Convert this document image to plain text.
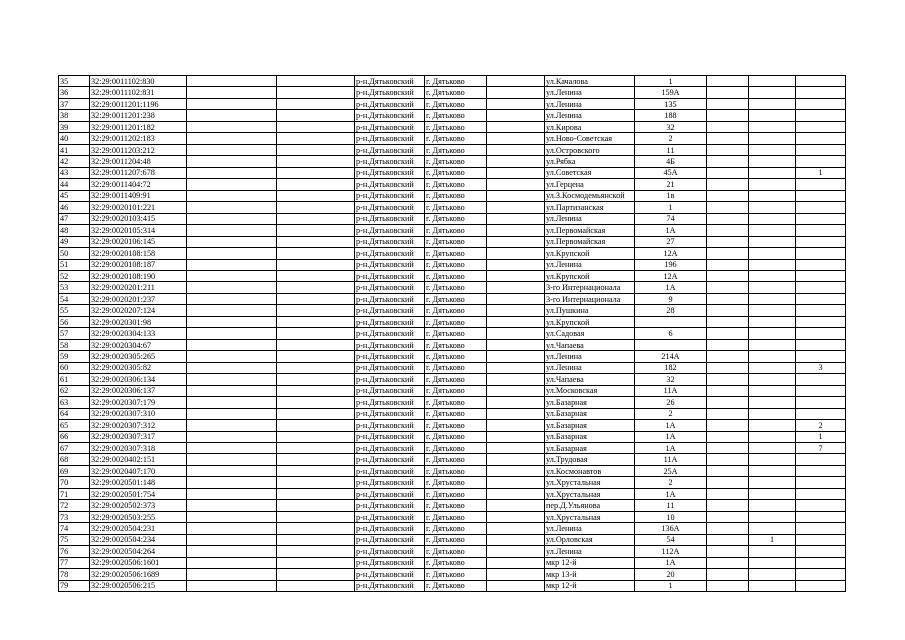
35	32:29:0011102:830			р-н.Дятьковский	г. Дятьково		ул.Качалова	1			
36	32:29:0011102:831			р-н.Дятьковский	г. Дятьково		ул.Ленина	159А			
37	32:29:0011201:1196			р-н.Дятьковский	г. Дятьково		ул.Ленина	135			
38	32:29:0011201:238			р-н.Дятьковский	г. Дятьково		ул.Ленина	188			
39	32:29:0011201:182			р-н.Дятьковский	г. Дятьково		ул.Кирова	32			
40	32:29:0011202:183			р-н.Дятьковский	г. Дятьково		ул.Ново-Советская	2			
41	32:29:0011203:212			р-н.Дятьковский	г. Дятьково		ул.Островского	11			
42	32:29:0011204:48			р-н.Дятьковский	г. Дятьково		ул.Рябка	4Б			
43	32:29:0011207:678			р-н.Дятьковский	г. Дятьково		ул.Советская	45А			1
44	32:29:0011404:72			р-н.Дятьковский	г. Дятьково		ул.Герцена	21			
45	32:29:0011409:91			р-н.Дятьковский	г. Дятьково		ул.З.Космодемьянской	1в			
46	32:29:0020101:221			р-н.Дятьковский	г. Дятьково		ул.Партизанская	1			
47	32:29:0020103:415			р-н.Дятьковский	г. Дятьково		ул.Ленина	74			
48	32:29:0020105:314			р-н.Дятьковский	г. Дятьково		ул.Первомайская	1А			
49	32:29:0020106:145			р-н.Дятьковский	г. Дятьково		ул.Первомайская	27			
50	32:29:0020108:158			р-н.Дятьковский	г. Дятьково		ул.Крупской	12А			
51	32:29:0020108:187			р-н.Дятьковский	г. Дятьково		ул.Ленина	196			
52	32:29:0020108:190			р-н.Дятьковский	г. Дятьково		ул.Крупской	12А			
53	32:29:0020201:211			р-н.Дятьковский	г. Дятьково		3-го Интернационала	1А			
54	32:29:0020201:237			р-н.Дятьковский	г. Дятьково		3-го Интернационала	9			
55	32:29:0020207:124			р-н.Дятьковский	г. Дятьково		ул.Пушкина	28			
56	32:29:0020301:98			р-н.Дятьковский	г. Дятьково		ул.Крупской				
57	32:29:0020304:133			р-н.Дятьковский	г. Дятьково		ул.Садовая	6			
58	32:29:0020304:67			р-н.Дятьковский	г. Дятьково		ул.Чапаева				
59	32:29:0020305:265			р-н.Дятьковский	г. Дятьково		ул.Ленина	214А			
60	32:29:0020305:82			р-н.Дятьковский	г. Дятьково		ул.Ленина	182			3
61	32:29:0020306:134			р-н.Дятьковский	г. Дятьково		ул.Чапаева	32			
62	32:29:0020306:137			р-н.Дятьковский	г. Дятьково		ул.Московская	11А			
63	32:29:0020307:179			р-н.Дятьковский	г. Дятьково		ул.Базарная	26			
64	32:29:0020307:310			р-н.Дятьковский	г. Дятьково		ул.Базарная	2			
65	32:29:0020307:312			р-н.Дятьковский	г. Дятьково		ул.Базарная	1А			2
66	32:29:0020307:317			р-н.Дятьковский	г. Дятьково		ул.Базарная	1А			1
67	32:29:0020307:318			р-н.Дятьковский	г. Дятьково		ул.Базарная	1А			7
68	32:29:0020402:151			р-н.Дятьковский	г. Дятьково		ул.Трудовая	11А			
69	32:29:0020407:170			р-н.Дятьковский	г. Дятьково		ул.Космонавтов	25А			
70	32:29:0020501:148			р-н.Дятьковский	г. Дятьково		ул.Хрустальная	2			
71	32:29:0020501:754			р-н.Дятьковский	г. Дятьково		ул.Хрустальная	1А			
72	32:29:0020502:373			р-н.Дятьковский	г. Дятьково		пер.Д.Ульянова	11			
73	32:29:0020503:255			р-н.Дятьковский	г. Дятьково		ул.Хрустальная	10			
74	32:29:0020504:231			р-н.Дятьковский	г. Дятьково		ул.Ленина	136А			
75	32:29:0020504:234			р-н.Дятьковский	г. Дятьково		ул.Орловская	54		1	
76	32:29:0020504:264			р-н.Дятьковский	г. Дятьково		ул.Ленина	112А			
77	32:29:0020506:1601			р-н.Дятьковский	г. Дятьково		мкр 12-й	1А			
78	32:29:0020506:1689			р-н.Дятьковский	г. Дятьково		мкр 13-й	20			
79	32:29:0020506:215			р-н.Дятьковский	г. Дятьково		мкр 12-й	1			
